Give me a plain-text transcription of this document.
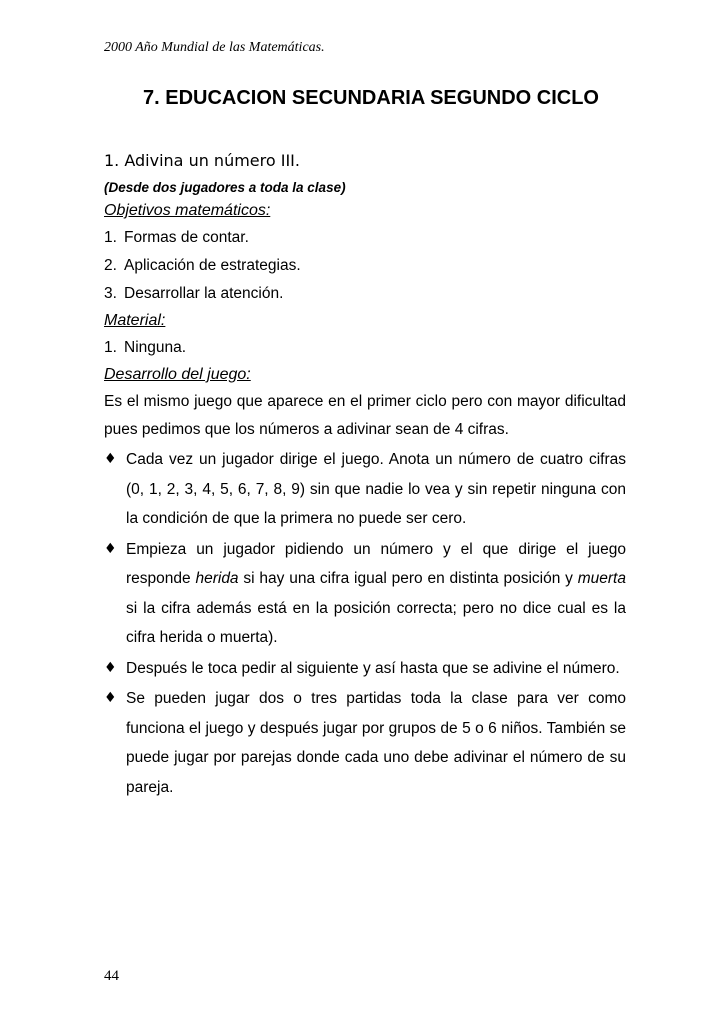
2000 Año Mundial de las Matemáticas.
7. EDUCACION SECUNDARIA SEGUNDO CICLO
1. Adivina un número III.
(Desde dos jugadores a toda la clase)
Objetivos matemáticos:
1. Formas de contar.
2. Aplicación de estrategias.
3. Desarrollar la atención.
Material:
1. Ninguna.
Desarrollo del juego:

Es el mismo juego que aparece en el primer ciclo pero con mayor dificultad pues pedimos que los números a adivinar sean de 4 cifras.

♦ Cada vez un jugador dirige el juego. Anota un número de cuatro cifras (0, 1, 2, 3, 4, 5, 6, 7, 8, 9) sin que nadie lo vea y sin repetir ninguna con la condición de que la primera no puede ser cero.
♦ Empieza un jugador pidiendo un número y el que dirige el juego responde herida si hay una cifra igual pero en distinta posición y muerta si la cifra además está en la posición correcta; pero no dice cual es la cifra herida o muerta).
♦ Después le toca pedir al siguiente y así hasta que se adivine el número.
♦ Se pueden jugar dos o tres partidas toda la clase para ver como funciona el juego y después jugar por grupos de 5 o 6 niños. También se puede jugar por parejas donde cada uno debe adivinar el número de su pareja.
44
